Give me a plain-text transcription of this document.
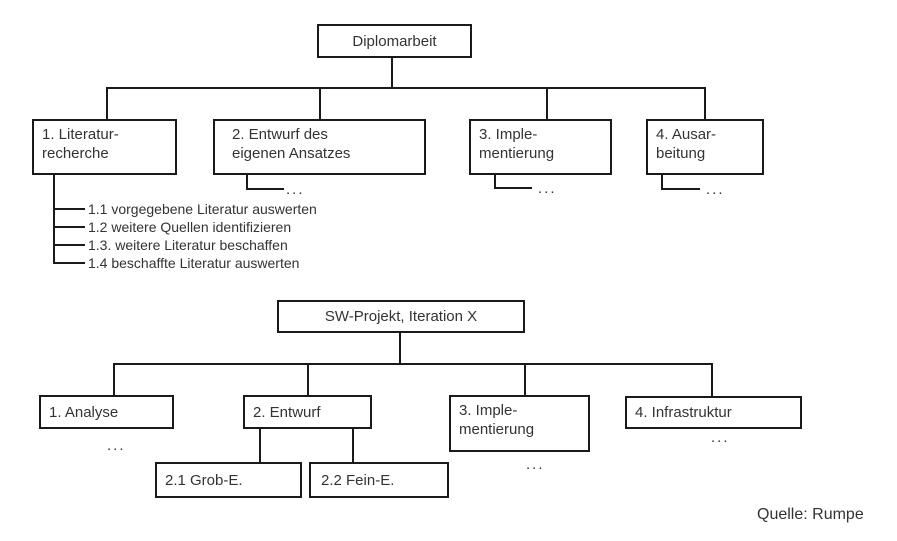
Diplomarbeit
1. Literatur-
recherche
2. Entwurf des
eigenen Ansatzes
3. Imple-
mentierung
4. Ausar-
beitung
1.1 vorgegebene Literatur auswerten
1.2 weitere Quellen identifizieren
1.3. weitere Literatur beschaffen
1.4 beschaffte Literatur auswerten
...	...	...
SW-Projekt, Iteration X
1. Analyse	2. Entwurf	3. Imple-
mentierung
4. Infrastruktur
...
...
...
2.1 Grob-E.	2.2 Fein-E.
Quelle: Rumpe
